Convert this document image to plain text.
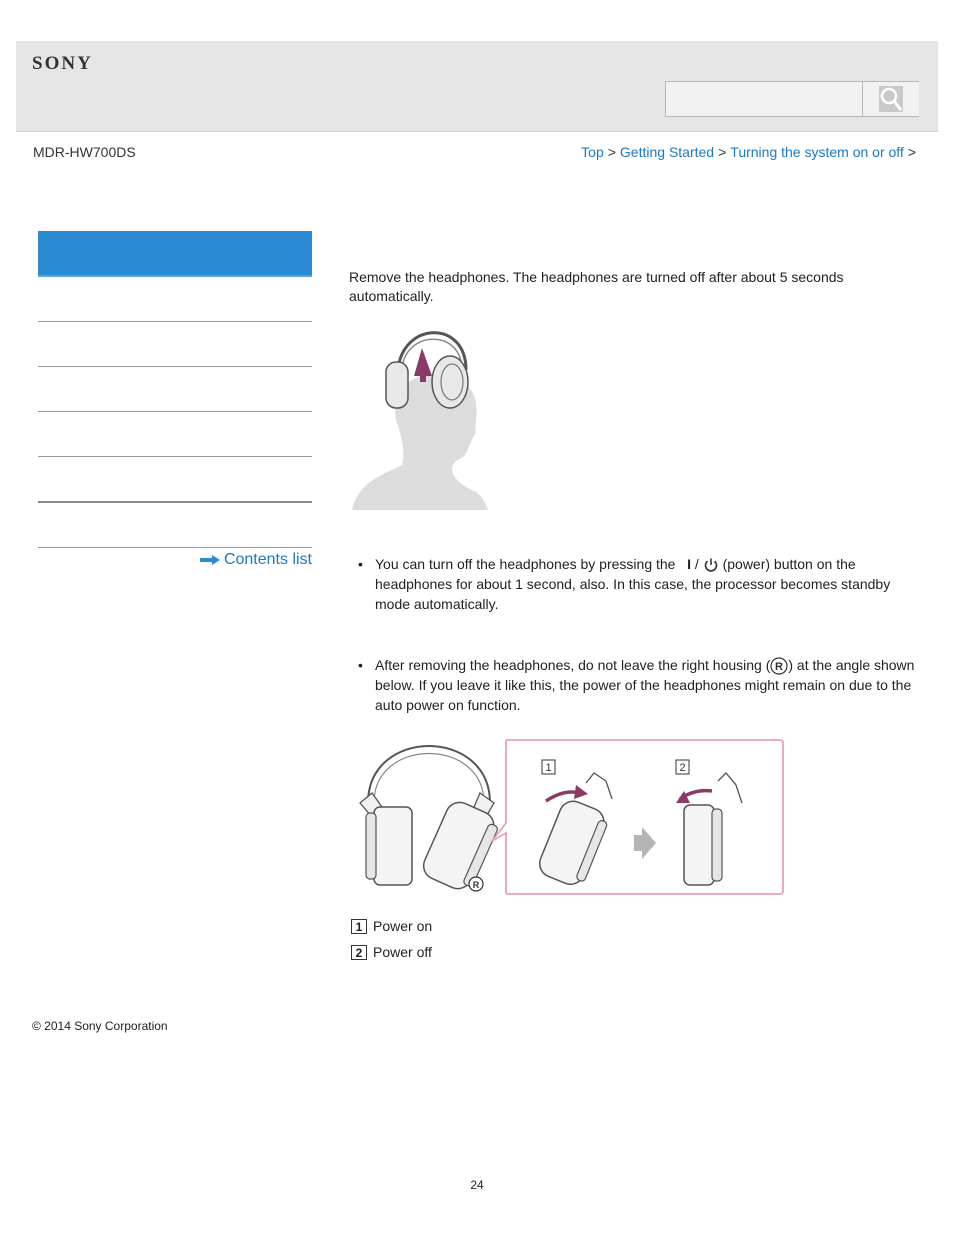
SONY
MDR-HW700DS	Top > Getting Started > Turning the system on or off >
Contents list
Remove the headphones. The headphones are turned off after about 5 seconds automatically.
• You can turn off the headphones by pressing the I / (power) button on the headphones for about 1 second, also. In this case, the processor becomes standby mode automatically.
• After removing the headphones, do not leave the right housing ( R ) at the angle shown below. If you leave it like this, the power of the headphones might remain on due to the auto power on function.
R
1	2
1 Power on
2 Power off
© 2014 Sony Corporation
24
